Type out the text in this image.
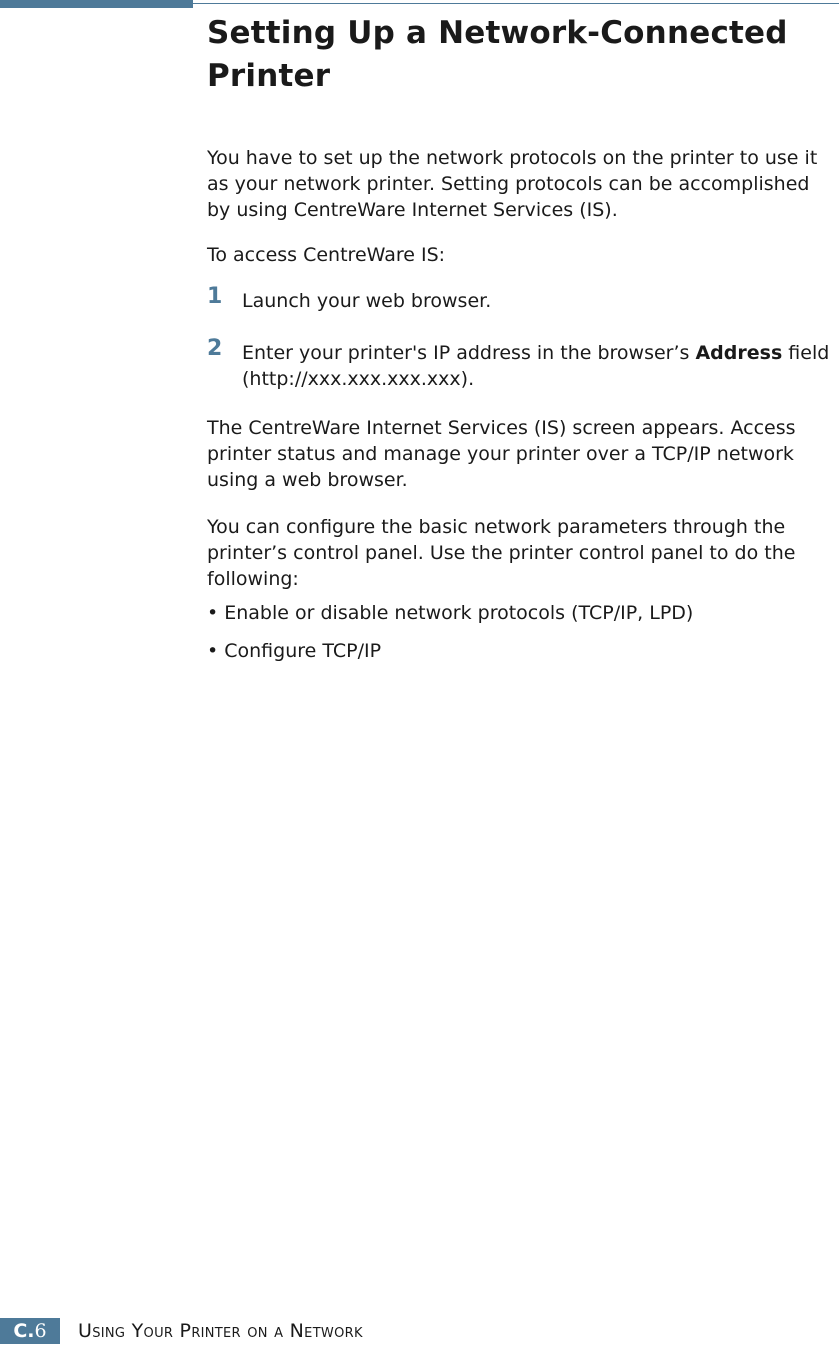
Setting Up a Network-Connected Printer

You have to set up the network protocols on the printer to use it as your network printer. Setting protocols can be accomplished by using CentreWare Internet Services (IS).

To access CentreWare IS:

1 Launch your web browser.
2 Enter your printer's IP address in the browser’s Address field (http://xxx.xxx.xxx.xxx).

The CentreWare Internet Services (IS) screen appears. Access printer status and manage your printer over a TCP/IP network using a web browser.

You can configure the basic network parameters through the printer’s control panel. Use the printer control panel to do the following:

• Enable or disable network protocols (TCP/IP, LPD)
• Configure TCP/IP
C.6	Using Your Printer on a Network
